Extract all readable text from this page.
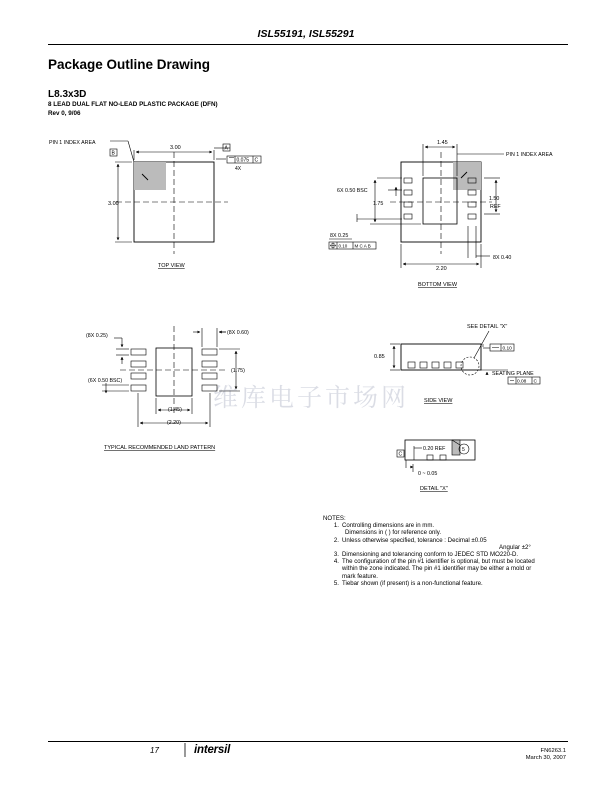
ISL55191, ISL55291
Package Outline Drawing
L8.3x3D
8 LEAD DUAL FLAT NO-LEAD PLASTIC PACKAGE (DFN)
Rev 0, 9/06
维库电子市场网
PIN 1 INDEX AREA
3.00
3.00
A
B
0.075 C
4X
TOP VIEW
1.45
PIN 1 INDEX AREA
6X 0.50 BSC
1.75
1.50
REF
8X 0.25
0.10 M C A B
2.20
8X 0.40
BOTTOM VIEW
(8X 0.25)	(8X 0.60)
(6X 0.50 BSC)
(1.75)
(1.45)
(2.20)
TYPICAL RECOMMENDED LAND PATTERN
SEE DETAIL "X"
0.85
0.10
SEATING PLANE
0.08 C
SIDE VIEW
0.20 REF	5
C
0 ~ 0.05
DETAIL "X"
NOTES:
1. Controlling dimensions are in mm.
Dimensions in ( ) for reference only.
2. Unless otherwise specified, tolerance : Decimal ±0.05
Angular ±2°
3. Dimensioning and tolerancing conform to JEDEC STD MO220-D.
4. The configuration of the pin #1 identifier is optional, but must be located
within the zone indicated. The pin #1 identifier may be either a mold or
mark feature.
5. Tiebar shown (if present) is a non-functional feature.
17	intersil	FN6263.1
March 30, 2007
